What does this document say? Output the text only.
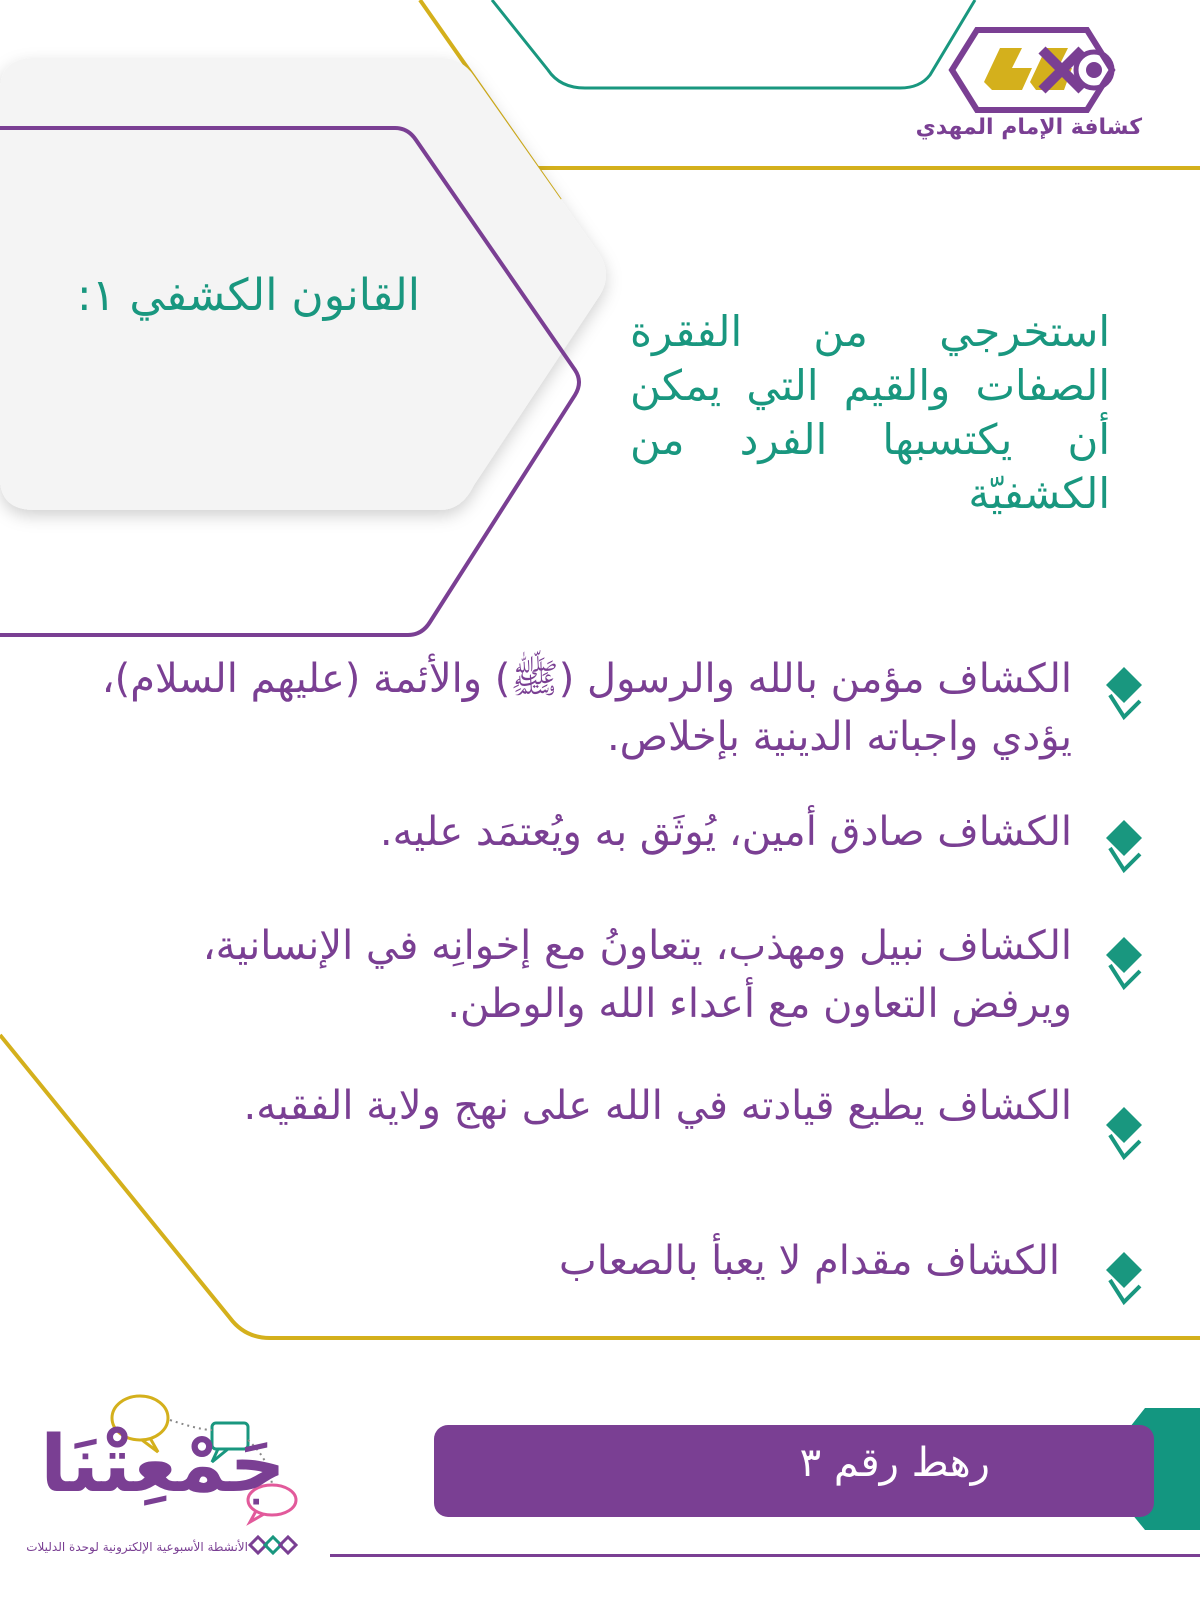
كشافة الإمام المهدي
القانون الكشفي ١:
استخرجي من الفقرة الصفات والقيم التي يمكن أن يكتسبها الفرد من الكشفيّة
الكشاف مؤمن بالله والرسول (ﷺ) والأئمة (عليهم السلام)، يؤدي واجباته الدينية بإخلاص.
الكشاف صادق أمين، يُوثَق به ويُعتمَد عليه.
الكشاف نبيل ومهذب، يتعاونُ مع إخوانِه في الإنسانية، ويرفض التعاون مع أعداء الله والوطن.
الكشاف يطيع قيادته في الله على نهج ولاية الفقيه.
الكشاف مقدام لا يعبأ بالصعاب
رهط رقم ٣
جَمْعِتْنَا
الأنشطة الأسبوعية الإلكترونية لوحدة الدليلات
